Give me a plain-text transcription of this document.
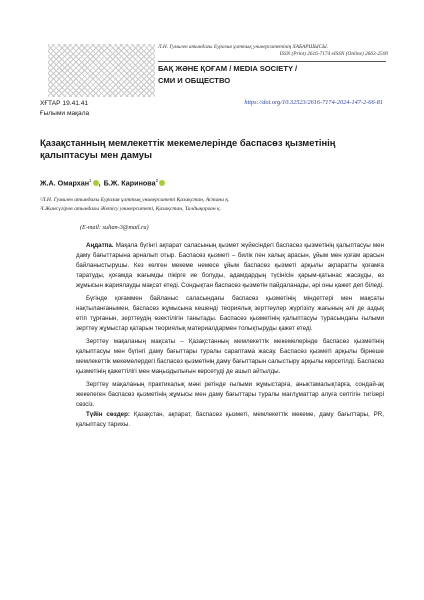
Л.Н. Гумилев атындағы Еуразия ұлттық университетінің ХАБАРШЫСЫ.
ISSN (Print) 2616-7174 eISSN (Online) 2663-2500
БАҚ ЖӘНЕ ҚОҒАМ / MEDIA SOCIETY /
СМИ И ОБЩЕСТВО
ХҒТАР 19.41.41
Ғылыми мақала
https://doi.org/10.32523/2616-7174-2024-147-2-66-81
Қазақстанның мемлекеттік мекемелерінде баспасөз қызметінің қалыптасуы мен дамуы
Ж.А. Омархан$^1$ , Б.Ж. Каринова$^2$
¹Л.Н. Гумилев атындағы Еуразия ұлттық университеті Қазақстан, Астана қ.
²І.Жансүгіров атындағы Жетісу университеті, Қазақстан, Талдықорған қ.
(E-mail: sultan-3@mail.ru)

Аңдатпа. Мақала бүгінгі ақпарат саласының қызмет жүйесіндегі баспасөз қызметінің қалыптасуы мен даму бағыттарына арналып отыр. Баспасөз қызметі – билік пен халық арасын, ұйым мен қоғам арасын байланыстырушы. Кез келген мекеме немесе ұйым баспасөз қызметі арқылы ақпаратты қоғамға таратуды, қоғамда жағымды пікірге ие болуды, адамдардың түсінісін қарым-қатынас жасауды, өз жұмысын жариялауды мақсат етеді. Сондықтан баспасөз қызметін пайдаланады, әрі оны қажет деп біледі.

Бүгінде қоғаммен байланыс саласындағы баспасөз қызметінің міндеттері мен мақсаты нақтыланғанымен, баспасөз жұмысына кешенді теориялық зерттеулер жүргізілу жағының әлі де аздық етіп тұрғанын, зерттеудің өзектілігін танытады. Баспасөз қызметінің қалыптасуы турасындағы ғылыми зерттеу жұмыстар қатарын теориялық материалдармен толықтыруды қажет етеді.

Зерттеу мақаланың мақсаты – Қазақстанның мемлекеттік мекемелерінде баспасөз қызметінің қалыптасуы мен бүгінгі даму бағыттары туралы сараптама жасау. Баспасөз қызметі арқылы бірнеше мемлекеттік мекемелердегі баспасөз қызметінің даму бағыттарын салыстыру арқылы көрсетілді. Баспасөз қызметінің қажеттілігі мен маңыздылығын көрсетуді де ашып айтылды.

Зерттеу мақаланың практикалық мәні ретінде ғылыми жұмыстарға, аныктамалықтарға, сондай-ақ жекелеген баспасөз қызметінің жұмысы мен даму бағыттары туралы мағлұматтар алуға септігін тигізері сөзсіз.

Түйін сөздер: Қазақстан, ақпарат, баспасөз қызметі, мемлекеттік мекеме, даму бағыттары, PR, қалыптасу тарихы.
